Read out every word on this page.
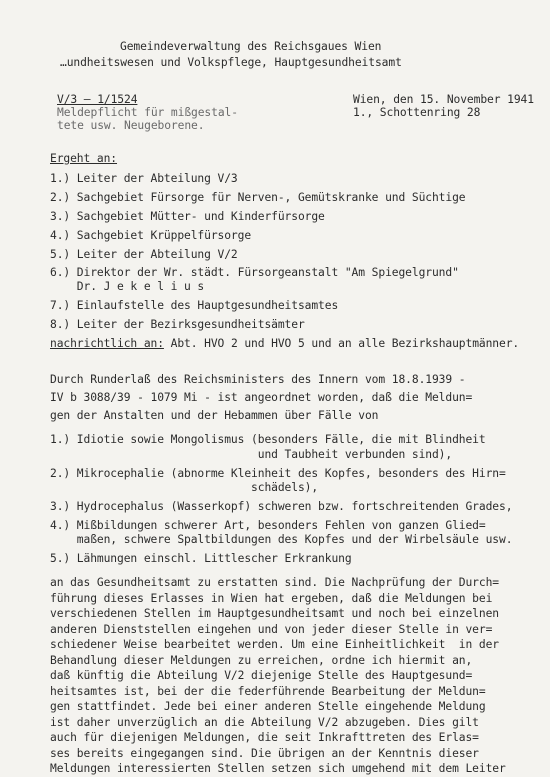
Gemeindeverwaltung des Reichsgaues Wien
…undheitswesen und Volkspflege, Hauptgesundheitsamt
V/3 – 1/1524
Meldepflicht für mißgestal-
tete usw. Neugeborene.
Wien, den 15. November 1941
1., Schottenring 28
Ergeht an:
1.) Leiter der Abteilung V/3
2.) Sachgebiet Fürsorge für Nerven-, Gemütskranke und Süchtige
3.) Sachgebiet Mütter- und Kinderfürsorge
4.) Sachgebiet Krüppelfürsorge
5.) Leiter der Abteilung V/2
6.) Direktor der Wr. städt. Fürsorgeanstalt "Am Spiegelgrund"
Dr. J e k e l i u s
7.) Einlaufstelle des Hauptgesundheitsamtes
8.) Leiter der Bezirksgesundheitsämter
nachrichtlich an: Abt. HVO 2 und HVO 5 und an alle Bezirkshauptmänner.
Durch Runderlaß des Reichsministers des Innern vom 18.8.1939 -
IV b 3088/39 - 1079 Mi - ist angeordnet worden, daß die Meldun=
gen der Anstalten und der Hebammen über Fälle von
1.) Idiotie sowie Mongolismus (besonders Fälle, die mit Blindheit
und Taubheit verbunden sind),
2.) Mikrocephalie (abnorme Kleinheit des Kopfes, besonders des Hirn=
schädels),
3.) Hydrocephalus (Wasserkopf) schweren bzw. fortschreitenden Grades,
4.) Mißbildungen schwerer Art, besonders Fehlen von ganzen Glied=
maßen, schwere Spaltbildungen des Kopfes und der Wirbelsäule usw.
5.) Lähmungen einschl. Littlescher Erkrankung
an das Gesundheitsamt zu erstatten sind. Die Nachprüfung der Durch=
führung dieses Erlasses in Wien hat ergeben, daß die Meldungen bei
verschiedenen Stellen im Hauptgesundheitsamt und noch bei einzelnen
anderen Dienststellen eingehen und von jeder dieser Stelle in ver=
schiedener Weise bearbeitet werden. Um eine Einheitlichkeit  in der
Behandlung dieser Meldungen zu erreichen, ordne ich hiermit an,
daß künftig die Abteilung V/2 diejenige Stelle des Hauptgesund=
heitsamtes ist, bei der die federführende Bearbeitung der Meldun=
gen stattfindet. Jede bei einer anderen Stelle eingehende Meldung
ist daher unverzüglich an die Abteilung V/2 abzugeben. Dies gilt
auch für diejenigen Meldungen, die seit Inkrafttreten des Erlas=
ses bereits eingegangen sind. Die übrigen an der Kenntnis dieser
Meldungen interessierten Stellen setzen sich umgehend mit dem Leiter
